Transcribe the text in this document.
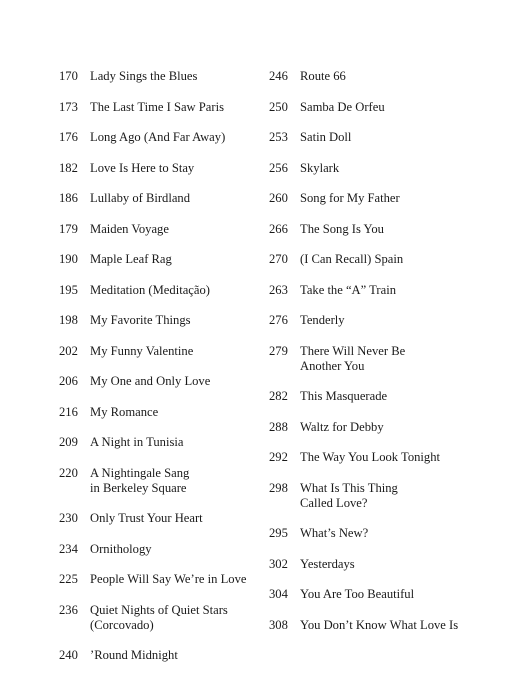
170 Lady Sings the Blues
173 The Last Time I Saw Paris
176 Long Ago (And Far Away)
182 Love Is Here to Stay
186 Lullaby of Birdland
179 Maiden Voyage
190 Maple Leaf Rag
195 Meditation (Meditação)
198 My Favorite Things
202 My Funny Valentine
206 My One and Only Love
216 My Romance
209 A Night in Tunisia
220 A Nightingale Sang
in Berkeley Square
230 Only Trust Your Heart
234 Ornithology
225 People Will Say We’re in Love
236 Quiet Nights of Quiet Stars
(Corcovado)
240 ’Round Midnight
246 Route 66
250 Samba De Orfeu
253 Satin Doll
256 Skylark
260 Song for My Father
266 The Song Is You
270 (I Can Recall) Spain
263 Take the “A” Train
276 Tenderly
279 There Will Never Be
Another You
282 This Masquerade
288 Waltz for Debby
292 The Way You Look Tonight
298 What Is This Thing
Called Love?
295 What’s New?
302 Yesterdays
304 You Are Too Beautiful
308 You Don’t Know What Love Is
